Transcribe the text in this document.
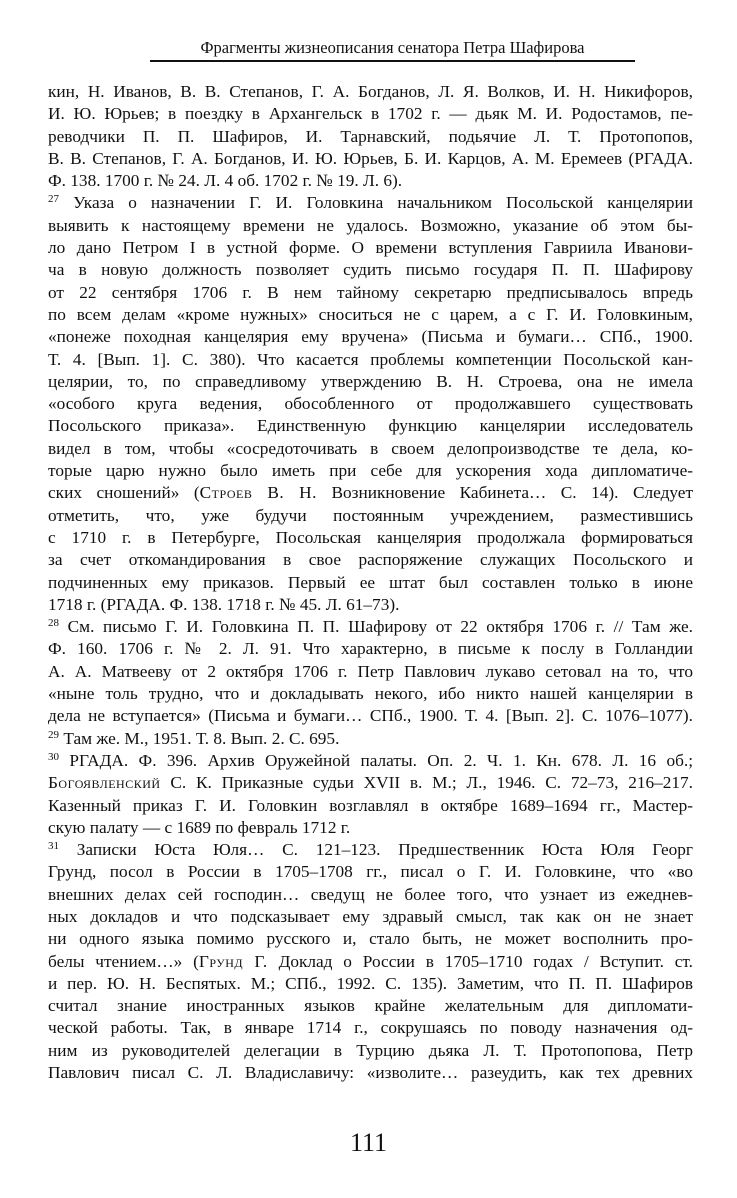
Фрагменты жизнеописания сенатора Петра Шафирова
кин, Н. Иванов, В. В. Степанов, Г. А. Богданов, Л. Я. Волков, И. Н. Никифоров,
И. Ю. Юрьев; в поездку в Архангельск в 1702 г. — дьяк М. И. Родостамов, пе-
реводчики П. П. Шафиров, И. Тарнавский, подьячие Л. Т. Протопопов,
В. В. Степанов, Г. А. Богданов, И. Ю. Юрьев, Б. И. Карцов, А. М. Еремеев (РГАДА.
Ф. 138. 1700 г. № 24. Л. 4 об. 1702 г. № 19. Л. 6).
$^{27}$ Указа о назначении Г. И. Головкина начальником Посольской канцелярии
выявить к настоящему времени не удалось. Возможно, указание об этом бы-
ло дано Петром I в устной форме. О времени вступления Гавриила Иванови-
ча в новую должность позволяет судить письмо государя П. П. Шафирову
от 22 сентября 1706 г. В нем тайному секретарю предписывалось впредь
по всем делам «кроме нужных» сноситься не с царем, а с Г. И. Головкиным,
«понеже походная канцелярия ему вручена» (Письма и бумаги… СПб., 1900.
Т. 4. [Вып. 1]. С. 380). Что касается проблемы компетенции Посольской кан-
целярии, то, по справедливому утверждению В. Н. Строева, она не имела
«особого круга ведения, обособленного от продолжавшего существовать
Посольского приказа». Единственную функцию канцелярии исследователь
видел в том, чтобы «сосредоточивать в своем делопроизводстве те дела, ко-
торые царю нужно было иметь при себе для ускорения хода дипломатиче-
ских сношений» (Строев В. Н. Возникновение Кабинета… С. 14). Следует
отметить, что, уже будучи постоянным учреждением, разместившись
с 1710 г. в Петербурге, Посольская канцелярия продолжала формироваться
за счет откомандирования в свое распоряжение служащих Посольского и
подчиненных ему приказов. Первый ее штат был составлен только в июне
1718 г. (РГАДА. Ф. 138. 1718 г. № 45. Л. 61–73).
$^{28}$ См. письмо Г. И. Головкина П. П. Шафирову от 22 октября 1706 г. // Там же.
Ф. 160. 1706 г. № 2. Л. 91. Что характерно, в письме к послу в Голландии
А. А. Матвееву от 2 октября 1706 г. Петр Павлович лукаво сетовал на то, что
«ныне толь трудно, что и докладывать некого, ибо никто нашей канцелярии в
дела не вступается» (Письма и бумаги… СПб., 1900. Т. 4. [Вып. 2]. С. 1076–1077).
$^{29}$ Там же. М., 1951. Т. 8. Вып. 2. С. 695.
$^{30}$ РГАДА. Ф. 396. Архив Оружейной палаты. Оп. 2. Ч. 1. Кн. 678. Л. 16 об.;
Богоявленский С. К. Приказные судьи XVII в. М.; Л., 1946. С. 72–73, 216–217.
Казенный приказ Г. И. Головкин возглавлял в октябре 1689–1694 гг., Мастер-
скую палату — с 1689 по февраль 1712 г.
$^{31}$ Записки Юста Юля… С. 121–123. Предшественник Юста Юля Георг
Грунд, посол в России в 1705–1708 гг., писал о Г. И. Головкине, что «во
внешних делах сей господин… сведущ не более того, что узнает из ежеднев-
ных докладов и что подсказывает ему здравый смысл, так как он не знает
ни одного языка помимо русского и, стало быть, не может восполнить про-
белы чтением…» (Грунд Г. Доклад о России в 1705–1710 годах / Вступит. ст.
и пер. Ю. Н. Беспятых. М.; СПб., 1992. С. 135). Заметим, что П. П. Шафиров
считал знание иностранных языков крайне желательным для дипломати-
ческой работы. Так, в январе 1714 г., сокрушаясь по поводу назначения од-
ним из руководителей делегации в Турцию дьяка Л. Т. Протопопова, Петр
Павлович писал С. Л. Владиславичу: «изволите… разеудить, как тех древних
111
